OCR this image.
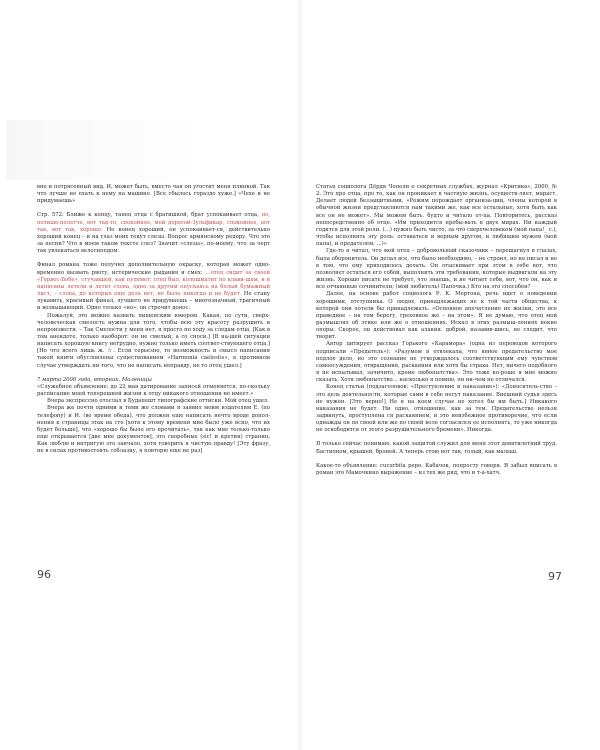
вне и потрясенный вид. И, может быть, вместо чая он угостит меня плинкой. Так что лучше не ехать к нему на машине. [Все сбылось гораздо хуже.] «Чехе и не придумаешь»

Стр. 572. Ближе к концу, танец отца с братишкой, брат успокаивает отца, но, потише-полегче, вот так-то, спокойнее, мой дорогой-Зульфикар, спокойнее, вот так, вот так, хорошо. Но конец хороший, он успокаивает-ся, действительно хороший конец – и на глаз моих текут слезы. Вопрос армянскому редору. Что это за песни? Что в моем таком тексте слез? Значит «слезы», по-моему, что за черт так увлекаться велосипедом.

Финал романа тоже получил дополнительную окраску, которая может одно-временно вызвать рвоту, истерические рыдания и смех: …отец сидит за своей «Гервес-Бобе», стучавшей, как пулемет; отец был, колошматит по клави-шам, и я написаны летели и летят слова, одно за другим опускаясь на белый бумажный лист, – слова, до которых еще дела нет, не было никогда и не будет. Не стану лукавить, красивый финал, лучшего не придумаешь – многозначный, трагичный и возвышающий. Одно только «но»: он строчит донос.

Пожалуй, это можно назвать пищенским юмором. Какая, по сути, сверх-человеческая смелость нужна для того, чтобы всю эту красоту разрушить и непроизвести. – Так Смелости у меня нет, я просто по ходу за следам отца, [Как в том анекдоте, только наоборот: он не смелый, а со сноси.] [В на-шей ситуации написать хорошую книгу нетрудно, нужно только иметь соответ-ствующего отца.] [Но что всего лишь ж. ☆. Если серьезно, то возможность и смысл написания такой книги обусловлены существованием «Harmonia caelestis», в противном случае утверждать ни того, что не написать неправду, не то отец ушел.]

7 марта 2000 года, вторник. Маленицы

«Служебное объявление: до 22 мая датирование записей отменяется, по-скольку расписание моей теперешней жизни к отцу никакого отношения не имеет.»

Вчера экспрессно отослал в Будапешт типографские оттиски. Мой отец ушел.

Вчера же почти одними и теми же словами я заявил моим издателям Е. (по телефону) и И. (во время обеда), что должен еще написать нечто вроде допол-нения к страницы этак на сто [хотя к этому времени мне было уже ясно, что их будет больше], что «хорошо бы было его прочитать», так как мне только-только еще открывается [две мне документов], это своробных (sic! и кретин) страниц. Как люблю и интригую это занчало, хотя говорить я чистую правду! [Эту фразу, не в силах противостоять соблазну, я повторю еще не раз]

96

Статья социолога Дёрдя Чепели о секретных службах, журнал «Критика», 2000, № 2. Это про отца, про то, как он проникает в частную жизнь, осуществ-ляет, мараст. Делает людей беззащитными. «Режим порождает организа-ции, члены которой в обычной жизни представляются нам такими же, как все остальные, хотя быть как все он не может». Мы можем быть. будто и читало от-ца. Повторитесь, рассказ непосредственно об отце. «Им приходится пребы-вать в двух мирах. Ни каждый годится для этой роли. (…) нужно быть чисто, за что сверхчеловеком (мой папа!_ с.), чтобы исполнить эту роль: оставаться и верным другом, и любящим мужем (мой папа), и предателем, ...)»

Где-то я читал, что мой отец – добровольный сказочник – перешагнул в глазах, была оборонитель. Он делал все, что было необходимо, – не строил, но не писал и не в том, что ему приходилось делать. Он отыскивает при этом в себе вот, что позволяет остаться его собой, выполнить эти требования, которые выдвигали на эту жизнь. Хорошо писать не требует, что знаешь, и не читает себя, вот, что он, как и все отчаянные сочинители; (мой любитель) Папочка.) Кто на это способен?

Далее, на основе работ социолога Р. К. Мертона, речь идет о поведении хорошими, отступника. О людях, принадлежащих не к той части общества, к которой они хотели бы принадлежать. «Основное впечатление их жизни, это все праведное – на том берегу, греховное же – на этом». Я не думаю, что отец мой размышлял об этике или же о отношениях. Искал в этих размыш-лениях некие опоры. Скорее, он действовал как алакия. доброй, назавив-шись, не следит, что творит.

Автор цитирует рассказ Горького «Карамора» (одна из переводов которого подписали «Предатель»): «Разумом я отвлекала, что явное предательство мое подлое дело, но это сознание не утверждалось соответствующим ему чувством самоосуждения, отвращения, раскаяния или хотя бы страха. Нет, ничего подобного я не испытывал, зачичито, кроме любопытства». Это тоже ко-рошо я мне можно сказать. Хотя любопытство... насколько я помню, он ни-чем не отличался.

Конец статьи (подзаголовок: «Преступление и наказание»): «Доноситель-ство – это цель деятельности, которые сами в себе несут наказание. Внешний судья здесь не нужен. [Это верно!] Не я на коем случае не хотел бы им быть.] Никакого наказания не будет. Ни одно, отношение, как за тем. Предательство нельзя задвинуть, проступлена ся раскаянием, и это неизбежное противоречие, что если однажды он по своей или же по своей воле согласился ее исполнять, то уже никогда не освободится от этого разрушительного бремени». Никогда.

Я только сейчас понимаю, какой защитой служил для меня этот девятилетний труд. Бастионом, крышей, броней. А теперь стою вот так, голый, как малыш.

Какое-то объявление: cucurbita pepo. Кабачок, попросту говоря. Я забыл вписать в роман это Мамочкино выражение – из тех же ряд, что и т-а-хатч.

97
